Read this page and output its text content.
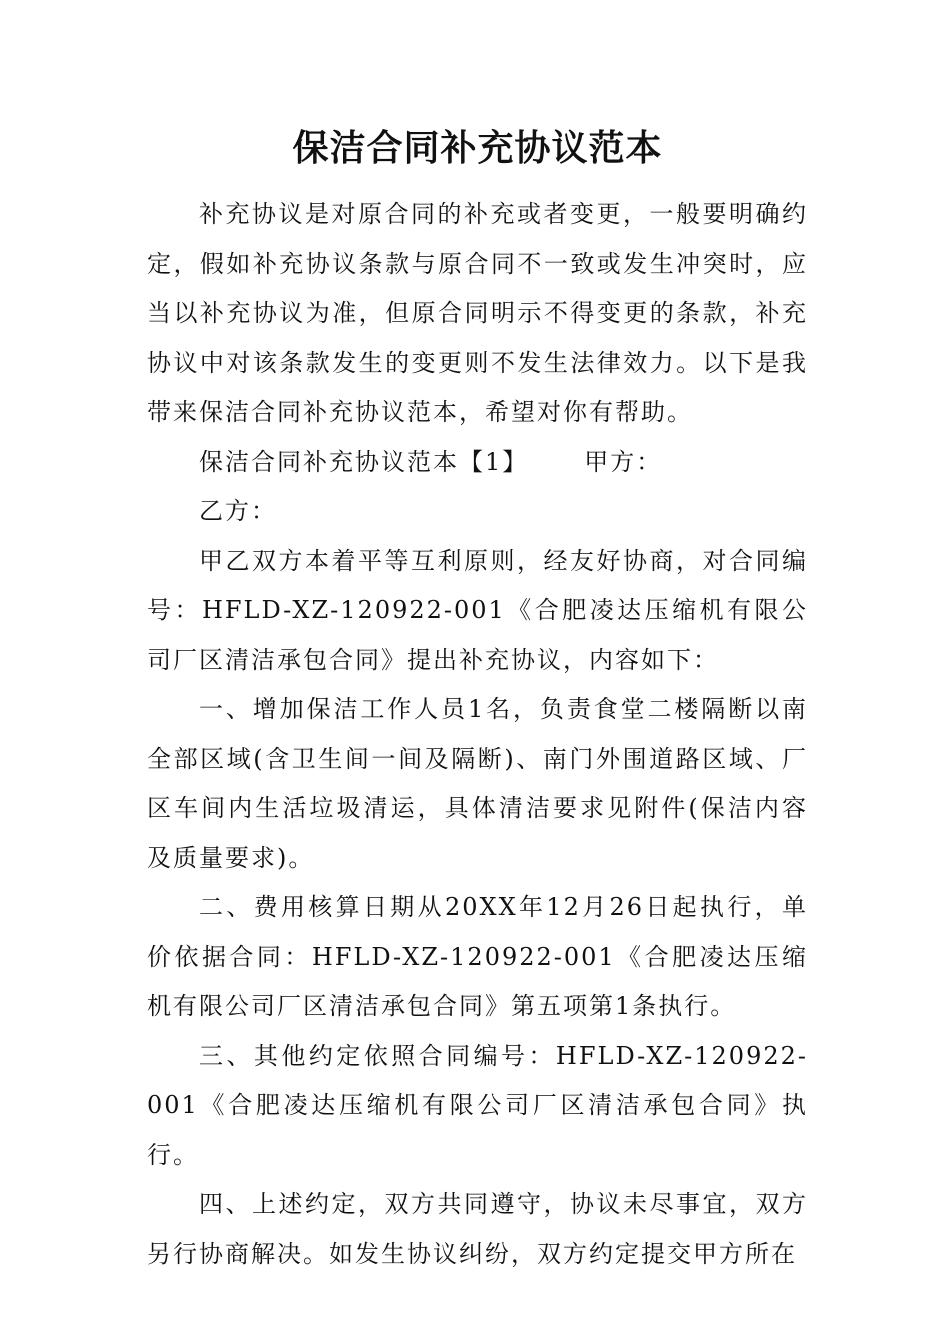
保洁合同补充协议范本

补充协议是对原合同的补充或者变更，一般要明确约定，假如补充协议条款与原合同不一致或发生冲突时，应当以补充协议为准，但原合同明示不得变更的条款，补充协议中对该条款发生的变更则不发生法律效力。以下是我带来保洁合同补充协议范本，希望对你有帮助。

保洁合同补充协议范本【1】 甲方：

乙方：

甲乙双方本着平等互利原则，经友好协商，对合同编号：HFLD-XZ-120922-001《合肥凌达压缩机有限公司厂区清洁承包合同》提出补充协议，内容如下：

一、增加保洁工作人员1名，负责食堂二楼隔断以南全部区域(含卫生间一间及隔断)、南门外围道路区域、厂区车间内生活垃圾清运，具体清洁要求见附件(保洁内容及质量要求)。

二、费用核算日期从20XX年12月26日起执行，单价依据合同：HFLD-XZ-120922-001《合肥凌达压缩机有限公司厂区清洁承包合同》第五项第1条执行。

三、其他约定依照合同编号：HFLD-XZ-120922-001《合肥凌达压缩机有限公司厂区清洁承包合同》执行。

四、上述约定，双方共同遵守，协议未尽事宜，双方另行协商解决。如发生协议纠纷，双方约定提交甲方所在
